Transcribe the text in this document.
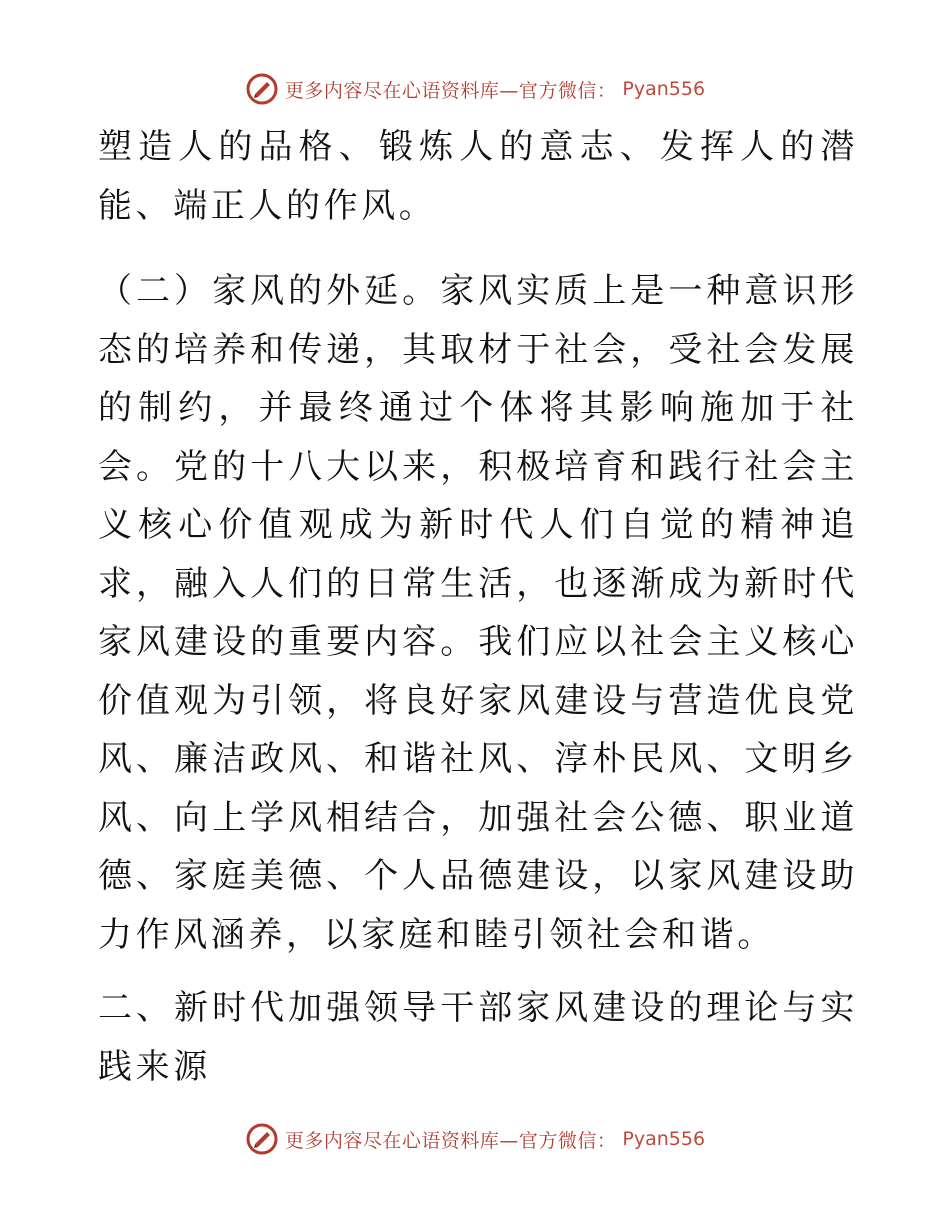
更多内容尽在心语资料库—官方微信： Pyan556

塑造人的品格、锻炼人的意志、发挥人的潜能、端正人的作风。

（二）家风的外延。家风实质上是一种意识形态的培养和传递，其取材于社会，受社会发展的制约，并最终通过个体将其影响施加于社会。党的十八大以来，积极培育和践行社会主义核心价值观成为新时代人们自觉的精神追求，融入人们的日常生活，也逐渐成为新时代家风建设的重要内容。我们应以社会主义核心价值观为引领，将良好家风建设与营造优良党风、廉洁政风、和谐社风、淳朴民风、文明乡风、向上学风相结合，加强社会公德、职业道德、家庭美德、个人品德建设，以家风建设助力作风涵养，以家庭和睦引领社会和谐。

二、新时代加强领导干部家风建设的理论与实践来源

更多内容尽在心语资料库—官方微信： Pyan556
